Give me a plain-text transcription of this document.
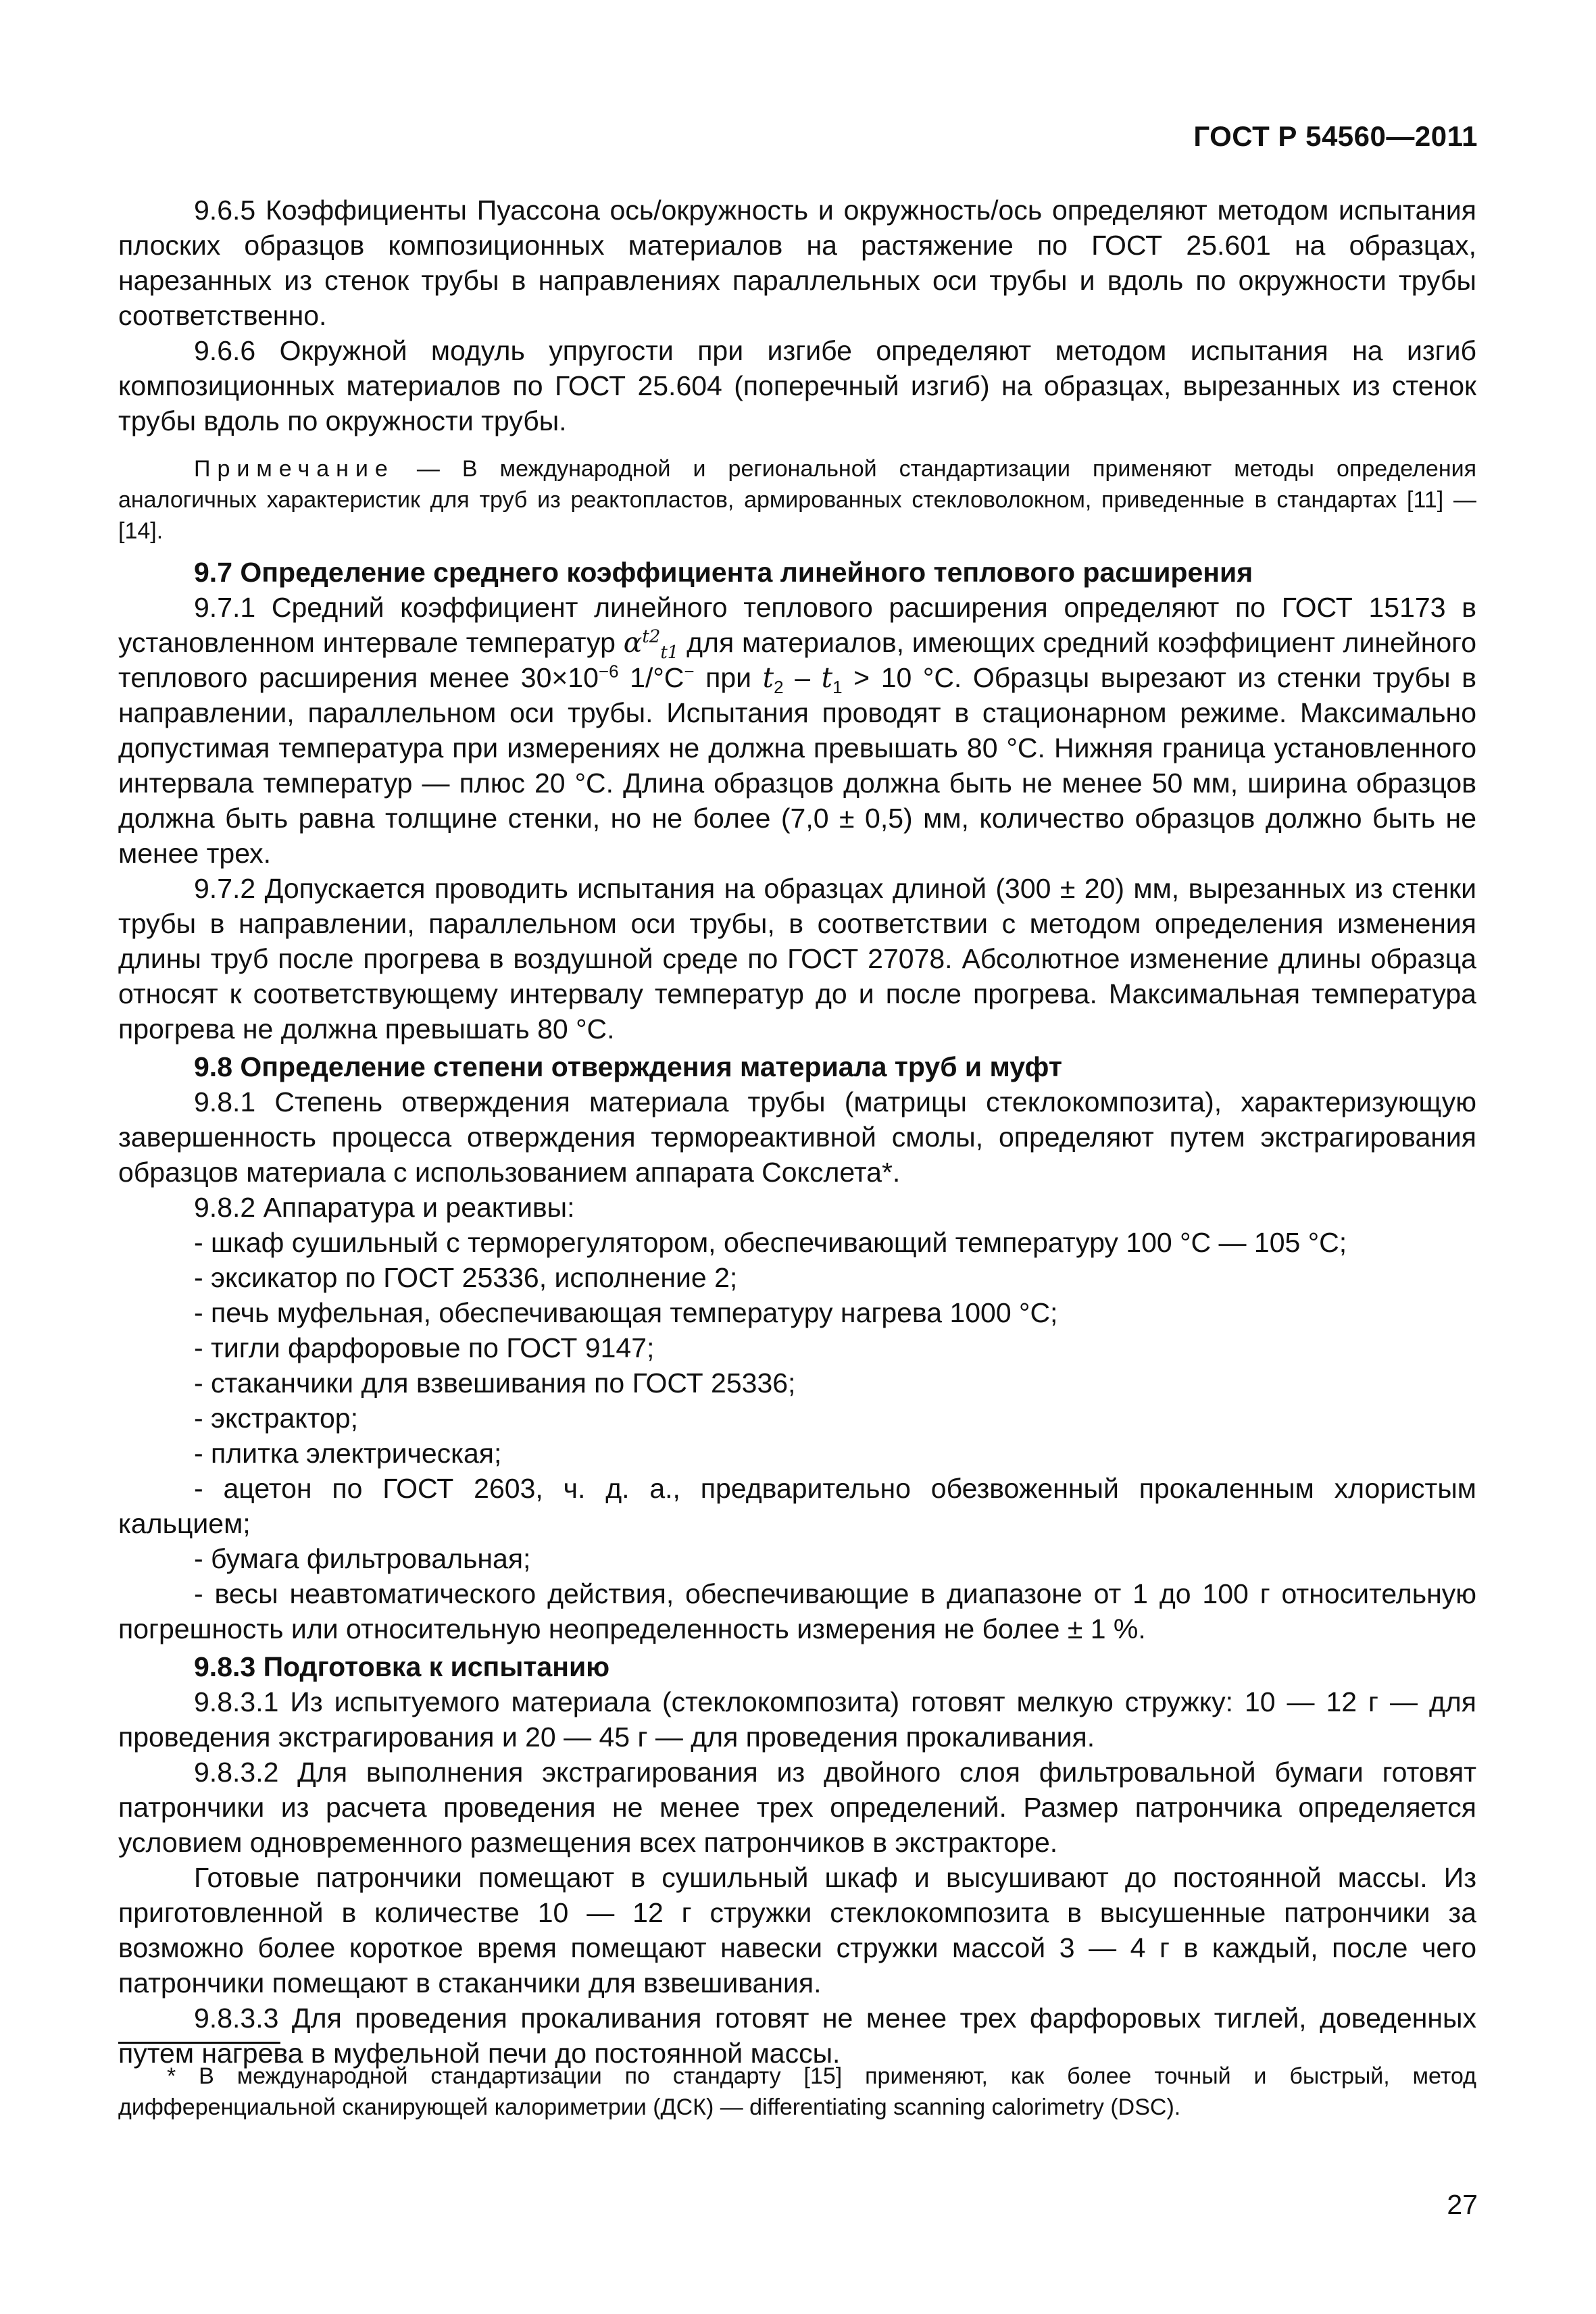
ГОСТ Р 54560—2011

9.6.5 Коэффициенты Пуассона ось/окружность и окружность/ось определяют методом испытания плоских образцов композиционных материалов на растяжение по ГОСТ 25.601 на образцах, нарезанных из стенок трубы в направлениях параллельных оси трубы и вдоль по окружности трубы соответственно.

9.6.6 Окружной модуль упругости при изгибе определяют методом испытания на изгиб композиционных материалов по ГОСТ 25.604 (поперечный изгиб) на образцах, вырезанных из стенок трубы вдоль по окружности трубы.

Примечание — В международной и региональной стандартизации применяют методы определения аналогичных характеристик для труб из реактопластов, армированных стекловолокном, приведенные в стандартах [11] — [14].

9.7 Определение среднего коэффициента линейного теплового расширения

9.7.1 Средний коэффициент линейного теплового расширения определяют по ГОСТ 15173 в установленном интервале температур $\alpha^{t2}_{t1}$ для материалов, имеющих средний коэффициент линейного теплового расширения менее $30\times 10^{-6}$ 1/°С− при $t_2 - t_1 > 10$ °С. Образцы вырезают из стенки трубы в направлении, параллельном оси трубы. Испытания проводят в стационарном режиме. Максимально допустимая температура при измерениях не должна превышать 80 °С. Нижняя граница установленного интервала температур — плюс 20 °С. Длина образцов должна быть не менее 50 мм, ширина образцов должна быть равна толщине стенки, но не более (7,0 ± 0,5) мм, количество образцов должно быть не менее трех.

9.7.2 Допускается проводить испытания на образцах длиной (300 ± 20) мм, вырезанных из стенки трубы в направлении, параллельном оси трубы, в соответствии с методом определения изменения длины труб после прогрева в воздушной среде по ГОСТ 27078. Абсолютное изменение длины образца относят к соответствующему интервалу температур до и после прогрева. Максимальная температура прогрева не должна превышать 80 °С.

9.8 Определение степени отверждения материала труб и муфт

9.8.1 Степень отверждения материала трубы (матрицы стеклокомпозита), характеризующую завершенность процесса отверждения термореактивной смолы, определяют путем экстрагирования образцов материала с использованием аппарата Сокслета*.

9.8.2 Аппаратура и реактивы:

- шкаф сушильный с терморегулятором, обеспечивающий температуру 100 °С — 105 °С;

- эксикатор по ГОСТ 25336, исполнение 2;

- печь муфельная, обеспечивающая температуру нагрева 1000 °С;

- тигли фарфоровые по ГОСТ 9147;

- стаканчики для взвешивания по ГОСТ 25336;

- экстрактор;

- плитка электрическая;

- ацетон по ГОСТ 2603, ч. д. а., предварительно обезвоженный прокаленным хлористым кальцием;

- бумага фильтровальная;

- весы неавтоматического действия, обеспечивающие в диапазоне от 1 до 100 г относительную погрешность или относительную неопределенность измерения не более ± 1 %.

9.8.3 Подготовка к испытанию

9.8.3.1 Из испытуемого материала (стеклокомпозита) готовят мелкую стружку: 10 — 12 г — для проведения экстрагирования и 20 — 45 г — для проведения прокаливания.

9.8.3.2 Для выполнения экстрагирования из двойного слоя фильтровальной бумаги готовят патрончики из расчета проведения не менее трех определений. Размер патрончика определяется условием одновременного размещения всех патрончиков в экстракторе.

Готовые патрончики помещают в сушильный шкаф и высушивают до постоянной массы. Из приготовленной в количестве 10 — 12 г стружки стеклокомпозита в высушенные патрончики за возможно более короткое время помещают навески стружки массой 3 — 4 г в каждый, после чего патрончики помещают в стаканчики для взвешивания.

9.8.3.3 Для проведения прокаливания готовят не менее трех фарфоровых тиглей, доведенных путем нагрева в муфельной печи до постоянной массы.

* В международной стандартизации по стандарту [15] применяют, как более точный и быстрый, метод дифференциальной сканирующей калориметрии (ДСК) — differentiating scanning calorimetry (DSC).

27
